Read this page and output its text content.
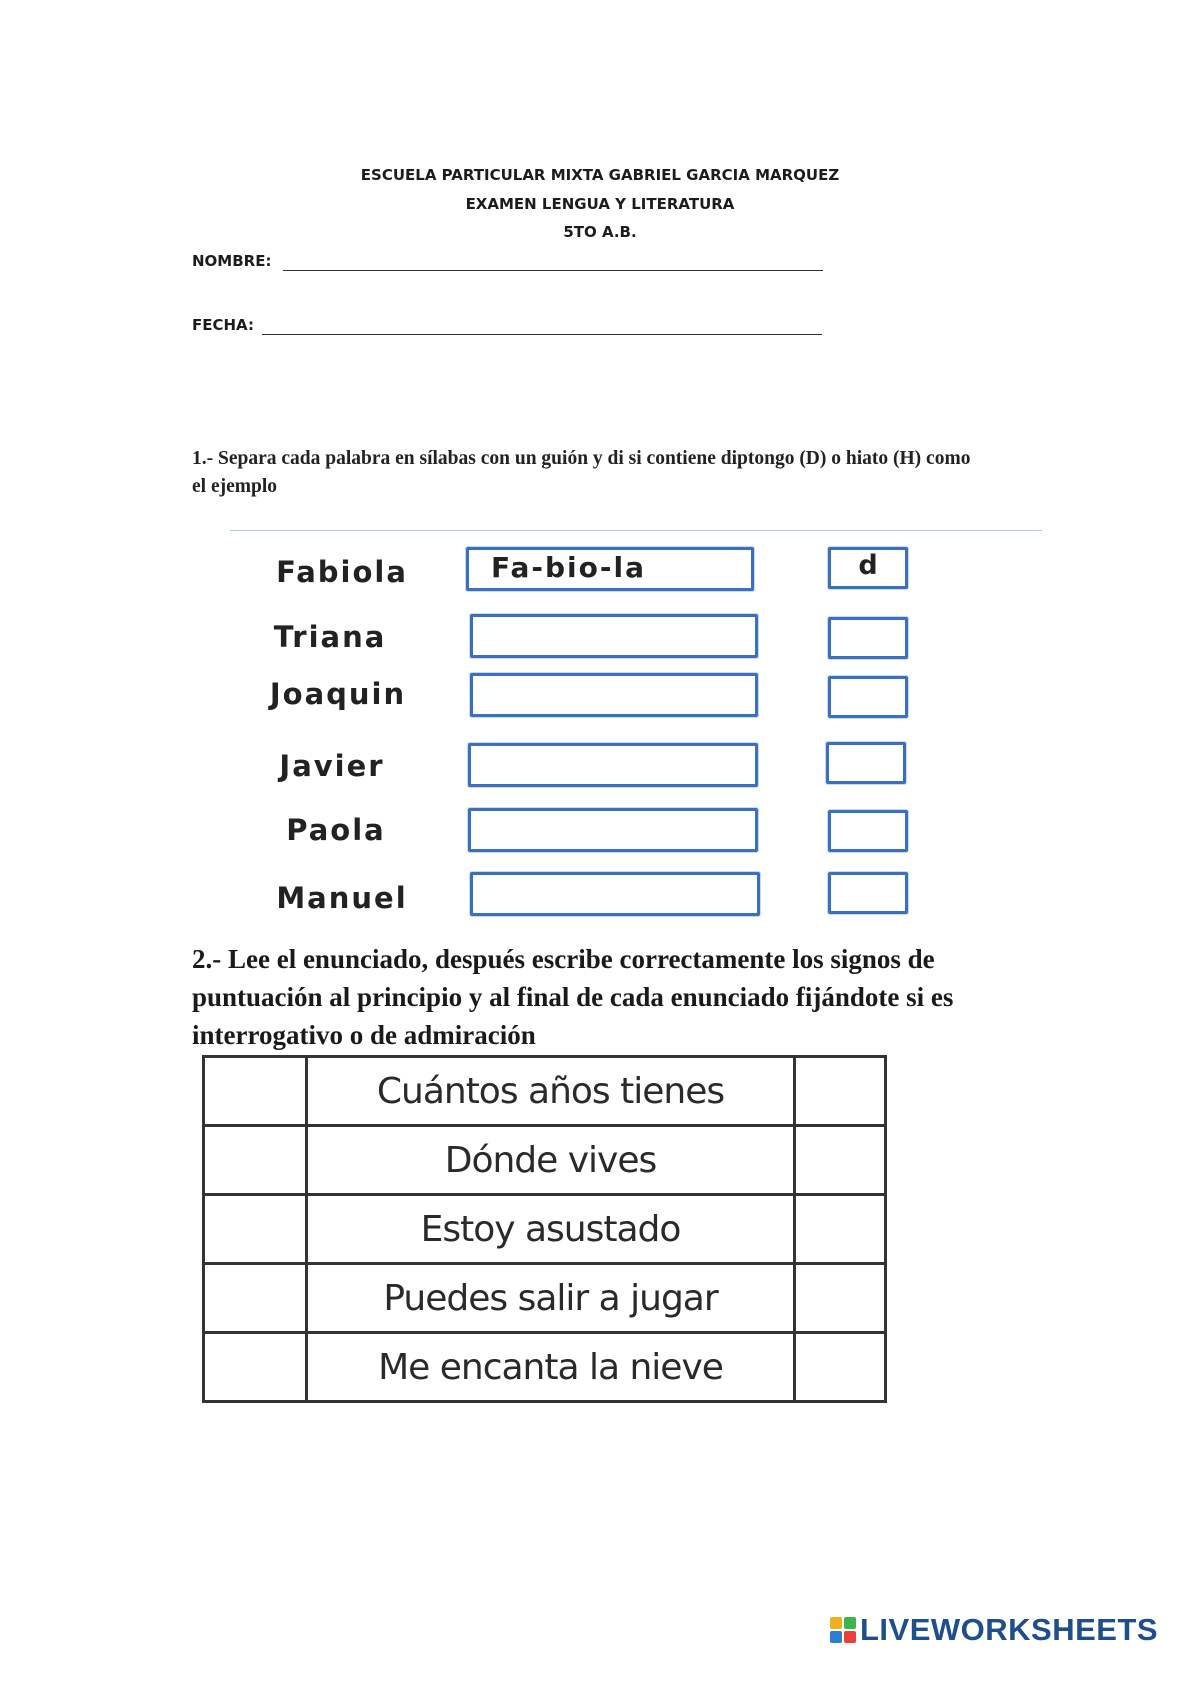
ESCUELA PARTICULAR MIXTA GABRIEL GARCIA MARQUEZ
EXAMEN LENGUA Y LITERATURA
5TO A.B.
NOMBRE:
FECHA:
1.- Separa cada palabra en sílabas con un guión y di si contiene diptongo (D) o hiato (H) como el ejemplo
Fabiola	Fa-bio-la	d
Triana
Joaquin
Javier
Paola
Manuel
2.- Lee el enunciado, después escribe correctamente los signos de puntuación al principio y al final de cada enunciado fijándote si es interrogativo o de admiración
	Cuántos años tienes	
	Dónde vives	
	Estoy asustado	
	Puedes salir a jugar	
	Me encanta la nieve	
LIVEWORKSHEETS
